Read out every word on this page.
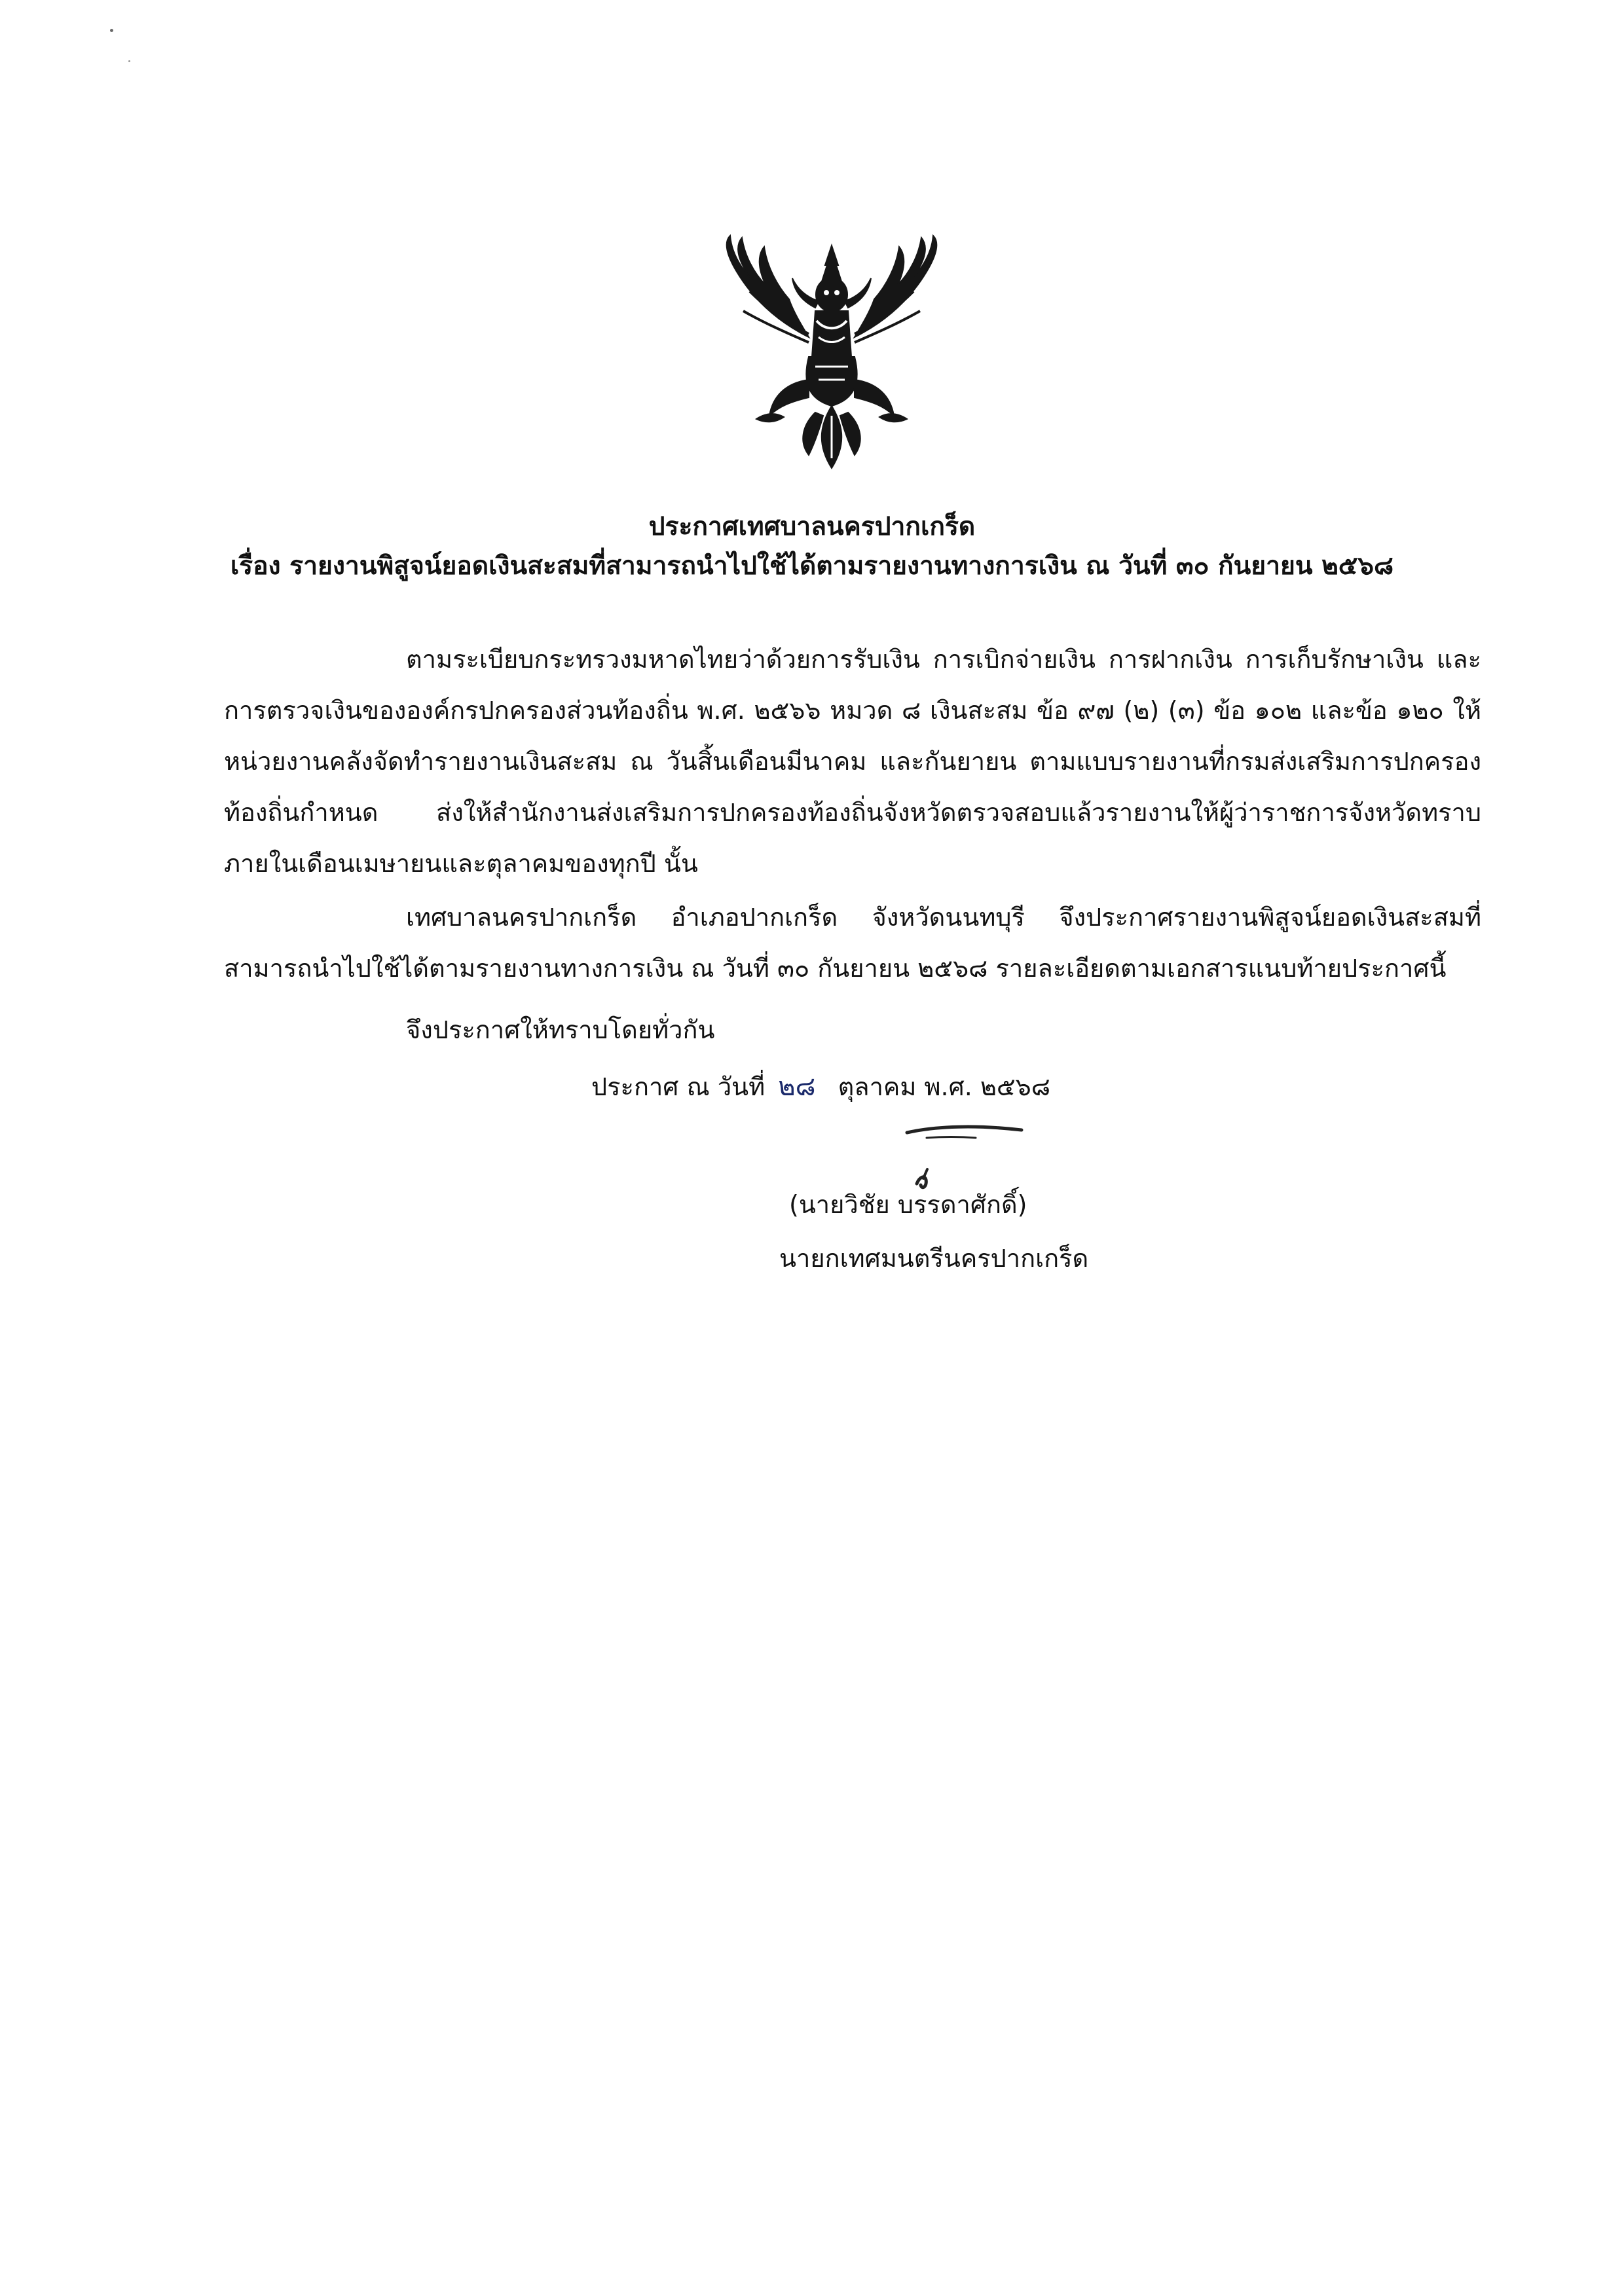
ประกาศเทศบาลนครปากเกร็ด
เรื่อง รายงานพิสูจน์ยอดเงินสะสมที่สามารถนำไปใช้ได้ตามรายงานทางการเงิน ณ วันที่ ๓๐ กันยายน ๒๕๖๘
ตามระเบียบกระทรวงมหาดไทยว่าด้วยการรับเงิน การเบิกจ่ายเงิน การฝากเงิน การเก็บรักษาเงิน และการตรวจเงินขององค์กรปกครองส่วนท้องถิ่น พ.ศ. ๒๕๖๖ หมวด ๘ เงินสะสม ข้อ ๙๗ (๒) (๓) ข้อ ๑๐๒ และข้อ ๑๒๐ ให้หน่วยงานคลังจัดทำรายงานเงินสะสม ณ วันสิ้นเดือนมีนาคม และกันยายน ตามแบบรายงานที่กรมส่งเสริมการปกครองท้องถิ่นกำหนด ส่งให้สำนักงานส่งเสริมการปกครองท้องถิ่นจังหวัดตรวจสอบแล้วรายงานให้ผู้ว่าราชการจังหวัดทราบภายในเดือนเมษายนและตุลาคมของทุกปี นั้น
เทศบาลนครปากเกร็ด อำเภอปากเกร็ด จังหวัดนนทบุรี จึงประกาศรายงานพิสูจน์ยอดเงินสะสมที่สามารถนำไปใช้ได้ตามรายงานทางการเงิน ณ วันที่ ๓๐ กันยายน ๒๕๖๘ รายละเอียดตามเอกสารแนบท้ายประกาศนี้
จึงประกาศให้ทราบโดยทั่วกัน
ประกาศ ณ วันที่ ๒๘ ตุลาคม พ.ศ. ๒๕๖๘
(นายวิชัย บรรดาศักดิ์)
นายกเทศมนตรีนครปากเกร็ด
